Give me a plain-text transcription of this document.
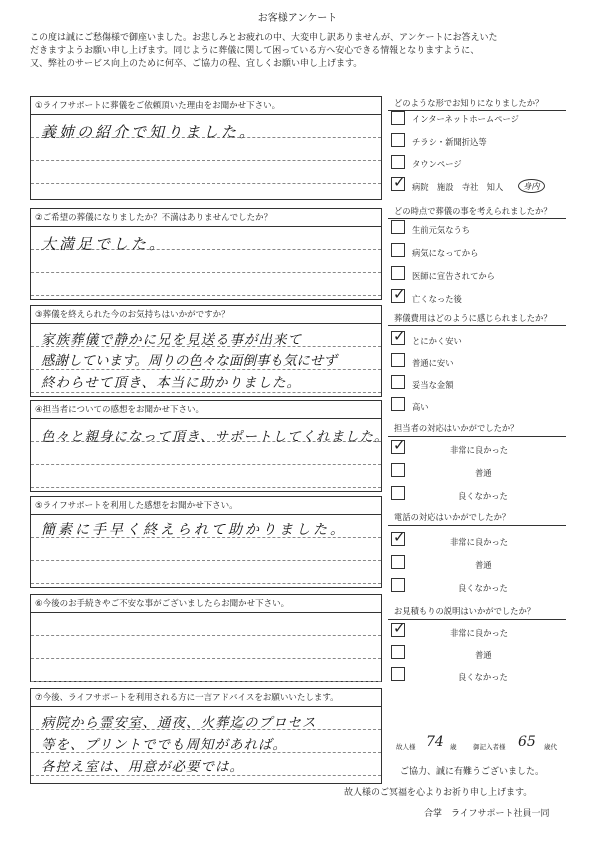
お客様アンケート
この度は誠にご愁傷様で御座いました。お悲しみとお疲れの中、大変申し訳ありませんが、アンケートにお答えいた
だきますようお願い申し上げます。同じように葬儀に関して困っている方へ安心できる情報となりますように、
又、弊社のサービス向上のために何卒、ご協力の程、宜しくお願い申し上げます。
①ライフサポートに葬儀をご依頼頂いた理由をお聞かせ下さい。
義姉の紹介で知りました。
②ご希望の葬儀になりましたか？不満はありませんでしたか？
大満足でした。
③葬儀を終えられた今のお気持ちはいかがですか？
家族葬儀で静かに兄を見送る事が出来て
感謝しています。周りの色々な面倒事も気にせず
終わらせて頂き、本当に助かりました。
④担当者についての感想をお聞かせ下さい。
色々と親身になって頂き、サポートしてくれました。
⑤ライフサポートを利用した感想をお聞かせ下さい。
簡素に手早く終えられて助かりました。
⑥今後のお手続きやご不安な事がございましたらお聞かせ下さい。
⑦今後、ライフサポートを利用される方に一言アドバイスをお願いいたします。
病院から霊安室、通夜、火葬迄のプロセス
等を、プリントででも周知があれば。
各控え室は、用意が必要では。
どのような形でお知りになりましたか？
インターネットホームページ
チラシ・新聞折込等
タウンページ
✓
病院　施設　寺社　知人	身内
どの時点で葬儀の事を考えられましたか？
生前元気なうち
病気になってから
医師に宣告されてから
✓
亡くなった後
葬儀費用はどのように感じられましたか？
✓
とにかく安い
普通に安い
妥当な金額
高い
担当者の対応はいかがでしたか？
✓
非常に良かった
普通
良くなかった
電話の対応はいかがでしたか？
✓
非常に良かった
普通
良くなかった
お見積もりの説明はいかがでしたか？
✓
非常に良かった
普通
良くなかった
故人様 74 歳	御記入者様 65 歳代
ご協力、誠に有難うございました。
故人様のご冥福を心よりお祈り申し上げます。
合掌　ライフサポート社員一同
